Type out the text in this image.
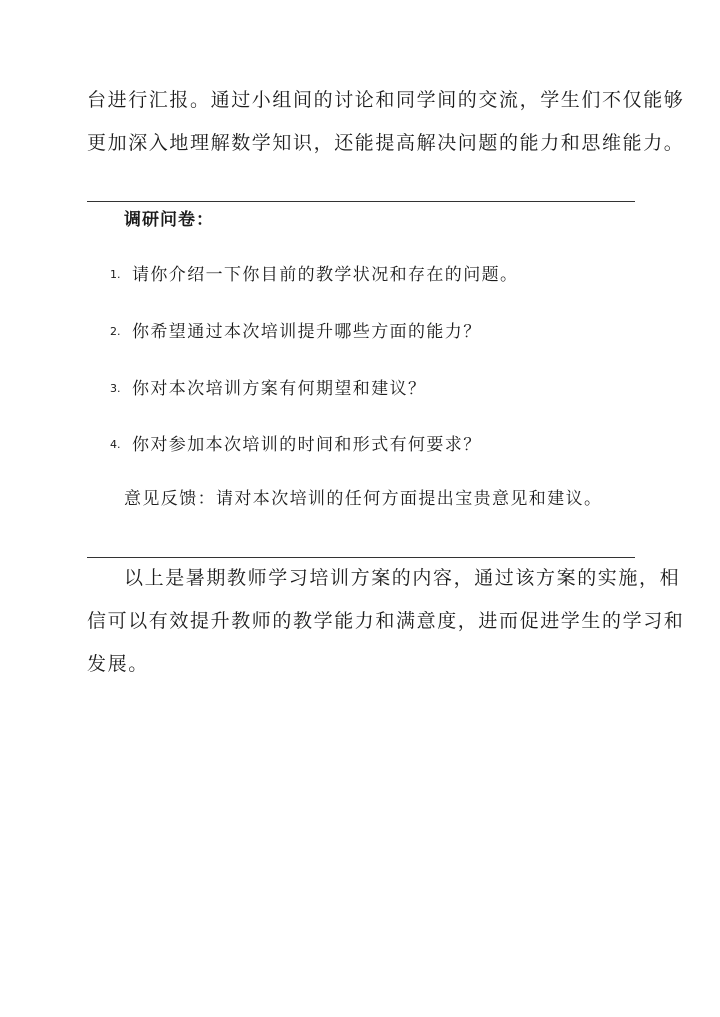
台进行汇报。通过小组间的讨论和同学间的交流，学生们不仅能够
更加深入地理解数学知识，还能提高解决问题的能力和思维能力。
调研问卷：
1. 请你介绍一下你目前的教学状况和存在的问题。
2. 你希望通过本次培训提升哪些方面的能力？
3. 你对本次培训方案有何期望和建议？
4. 你对参加本次培训的时间和形式有何要求？
意见反馈：请对本次培训的任何方面提出宝贵意见和建议。
以上是暑期教师学习培训方案的内容，通过该方案的实施，相
信可以有效提升教师的教学能力和满意度，进而促进学生的学习和
发展。
